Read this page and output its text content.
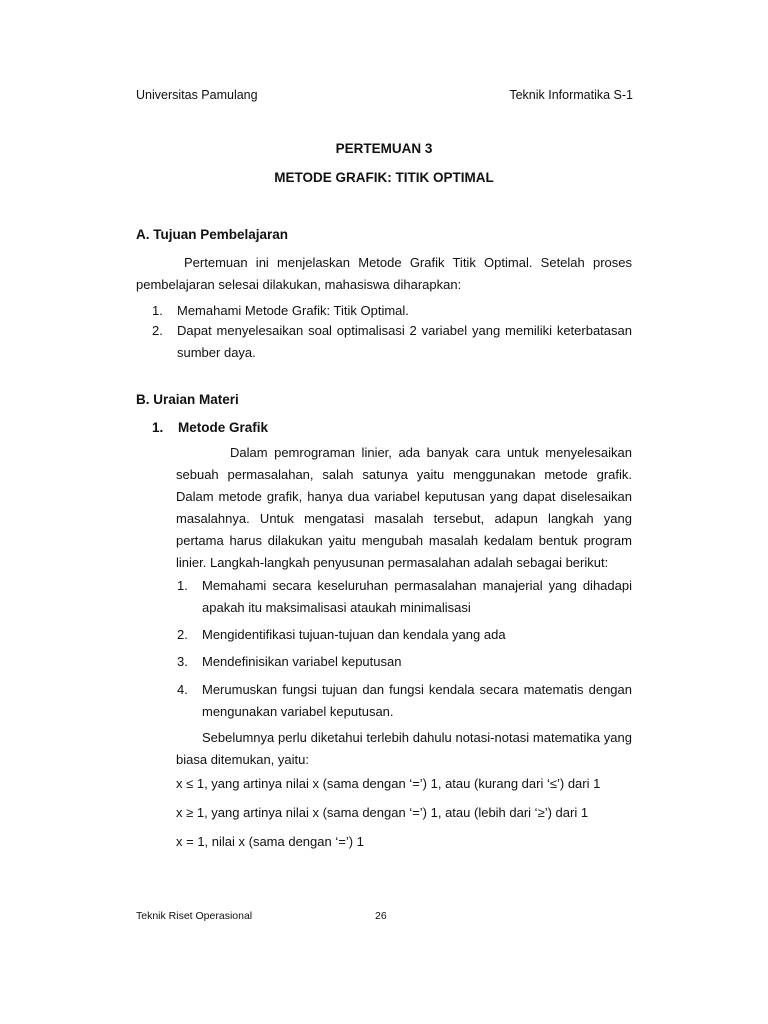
Universitas Pamulang	Teknik Informatika S-1
PERTEMUAN 3
METODE GRAFIK: TITIK OPTIMAL
A. Tujuan Pembelajaran

Pertemuan ini menjelaskan Metode Grafik Titik Optimal. Setelah proses pembelajaran selesai dilakukan, mahasiswa diharapkan:

1. Memahami Metode Grafik: Titik Optimal.
2. Dapat menyelesaikan soal optimalisasi 2 variabel yang memiliki keterbatasan sumber daya.
B. Uraian Materi
1. Metode Grafik

Dalam pemrograman linier, ada banyak cara untuk menyelesaikan sebuah permasalahan, salah satunya yaitu menggunakan metode grafik. Dalam metode grafik, hanya dua variabel keputusan yang dapat diselesaikan masalahnya. Untuk mengatasi masalah tersebut, adapun langkah yang pertama harus dilakukan yaitu mengubah masalah kedalam bentuk program linier. Langkah-langkah penyusunan permasalahan adalah sebagai berikut:

1. Memahami secara keseluruhan permasalahan manajerial yang dihadapi apakah itu maksimalisasi ataukah minimalisasi
2. Mengidentifikasi tujuan-tujuan dan kendala yang ada
3. Mendefinisikan variabel keputusan
4. Merumuskan fungsi tujuan dan fungsi kendala secara matematis dengan mengunakan variabel keputusan.

Sebelumnya perlu diketahui terlebih dahulu notasi-notasi matematika yang biasa ditemukan, yaitu:

x ≤ 1, yang artinya nilai x (sama dengan ‘=’) 1, atau (kurang dari ‘≤’) dari 1
x ≥ 1, yang artinya nilai x (sama dengan ‘=’) 1, atau (lebih dari ‘≥’) dari 1
x = 1, nilai x (sama dengan ‘=’) 1
Teknik Riset Operasional	26
